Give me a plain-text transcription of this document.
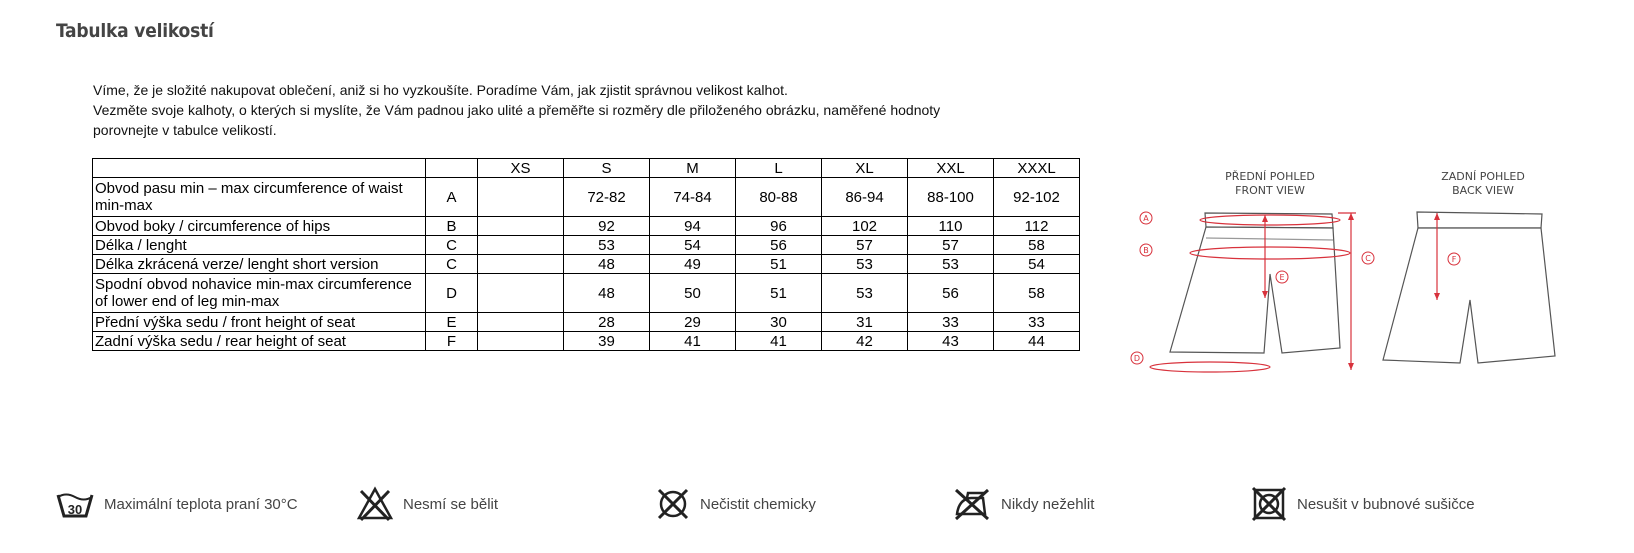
Tabulka velikostí
Víme, že je složité nakupovat oblečení, aniž si ho vyzkoušíte. Poradíme Vám, jak zjistit správnou velikost kalhot.
Vezměte svoje kalhoty, o kterých si myslíte, že Vám padnou jako ulité a přeměřte si rozměry dle přiloženého obrázku, naměřené hodnoty
porovnejte v tabulce velikostí.
		XS	S	M	L	XL	XXL	XXXL
Obvod pasu min – max circumference of waist min-max	A		72-82	74-84	80-88	86-94	88-100	92-102
Obvod boky / circumference of hips	B		92	94	96	102	110	112
Délka / lenght	C		53	54	56	57	57	58
Délka zkrácená verze/ lenght short version	C		48	49	51	53	53	54
Spodní obvod nohavice min-max circumference of lower end of leg min-max	D		48	50	51	53	56	58
Přední výška sedu / front height of seat	E		28	29	30	31	33	33
Zadní výška sedu / rear height of seat	F		39	41	41	42	43	44
PŘEDNÍ POHLED
FRONT VIEW
ZADNÍ POHLED
BACK VIEW
A
B
C
D
E
F
30 Maximální teplota praní 30°C	Nesmí se bělit	Nečistit chemicky	Nikdy nežehlit	Nesušit v bubnové sušičce
